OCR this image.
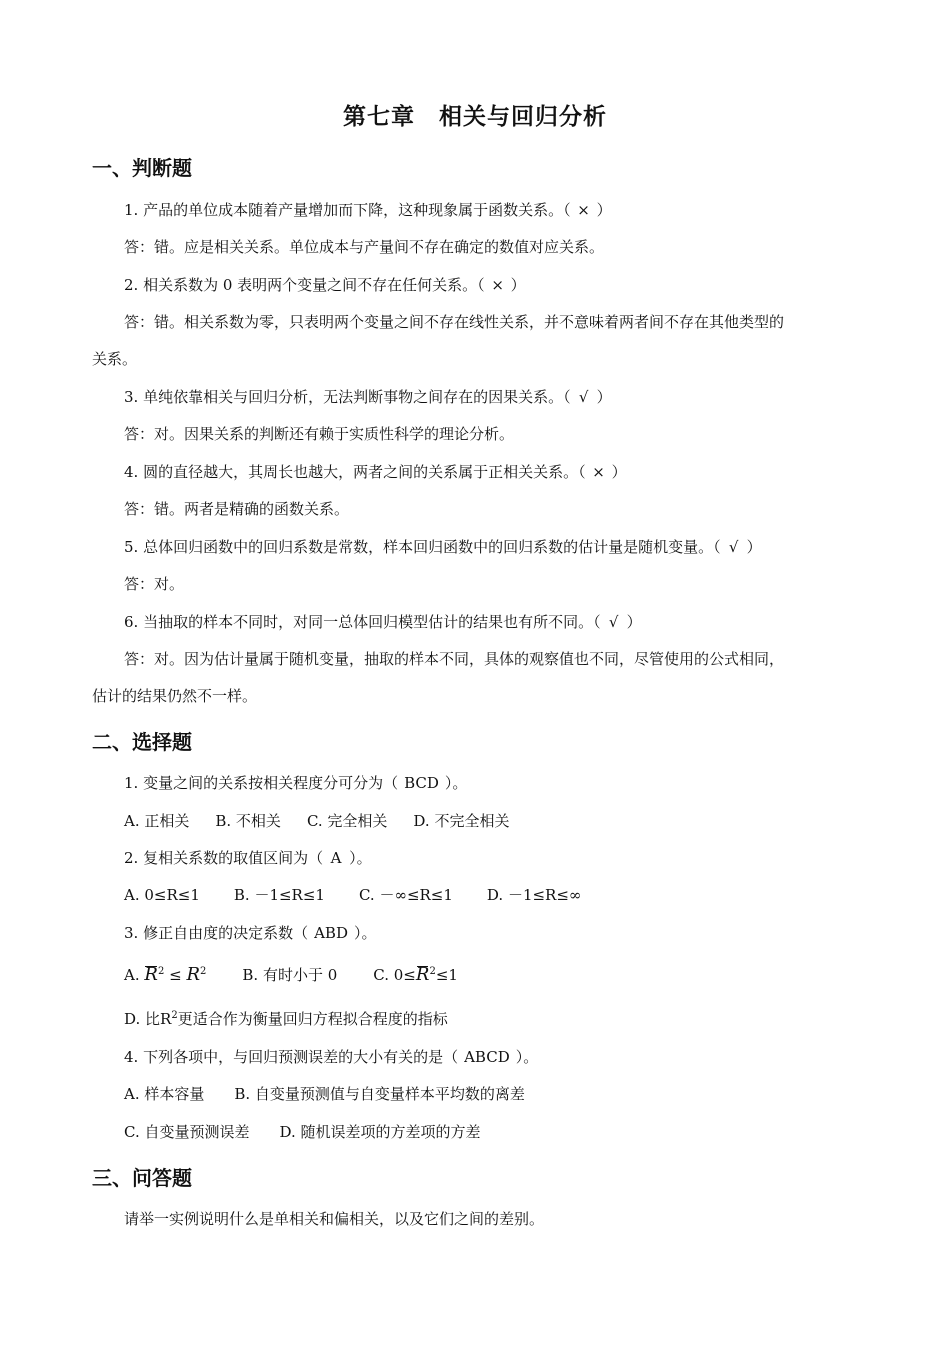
第七章　相关与回归分析
一、判断题
1. 产品的单位成本随着产量增加而下降，这种现象属于函数关系。（ × ）
答：错。应是相关关系。单位成本与产量间不存在确定的数值对应关系。
2. 相关系数为 0 表明两个变量之间不存在任何关系。（ × ）
答：错。相关系数为零，只表明两个变量之间不存在线性关系，并不意味着两者间不存在其他类型的
关系。
3. 单纯依靠相关与回归分析，无法判断事物之间存在的因果关系。（ √ ）
答：对。因果关系的判断还有赖于实质性科学的理论分析。
4. 圆的直径越大，其周长也越大，两者之间的关系属于正相关关系。（ × ）
答：错。两者是精确的函数关系。
5. 总体回归函数中的回归系数是常数，样本回归函数中的回归系数的估计量是随机变量。（ √ ）
答：对。
6. 当抽取的样本不同时，对同一总体回归模型估计的结果也有所不同。（ √ ）
答：对。因为估计量属于随机变量，抽取的样本不同，具体的观察值也不同，尽管使用的公式相同，
估计的结果仍然不一样。
二、选择题
1. 变量之间的关系按相关程度分可分为（ BCD ）。
A. 正相关 B. 不相关 C. 完全相关 D. 不完全相关
2. 复相关系数的取值区间为（ A ）。
A. 0≤R≤1 B. －1≤R≤1 C. －∞≤R≤1 D. －1≤R≤∞
3. 修正自由度的决定系数（ ABD ）。
A. $R^2 \le R^2$ B. 有时小于 0 C. $0\le R^2\le 1$
D. 比$R^2$更适合作为衡量回归方程拟合程度的指标
4. 下列各项中，与回归预测误差的大小有关的是（ ABCD ）。
A. 样本容量 B. 自变量预测值与自变量样本平均数的离差
C. 自变量预测误差 D. 随机误差项的方差项的方差
三、问答题
请举一实例说明什么是单相关和偏相关，以及它们之间的差别。
